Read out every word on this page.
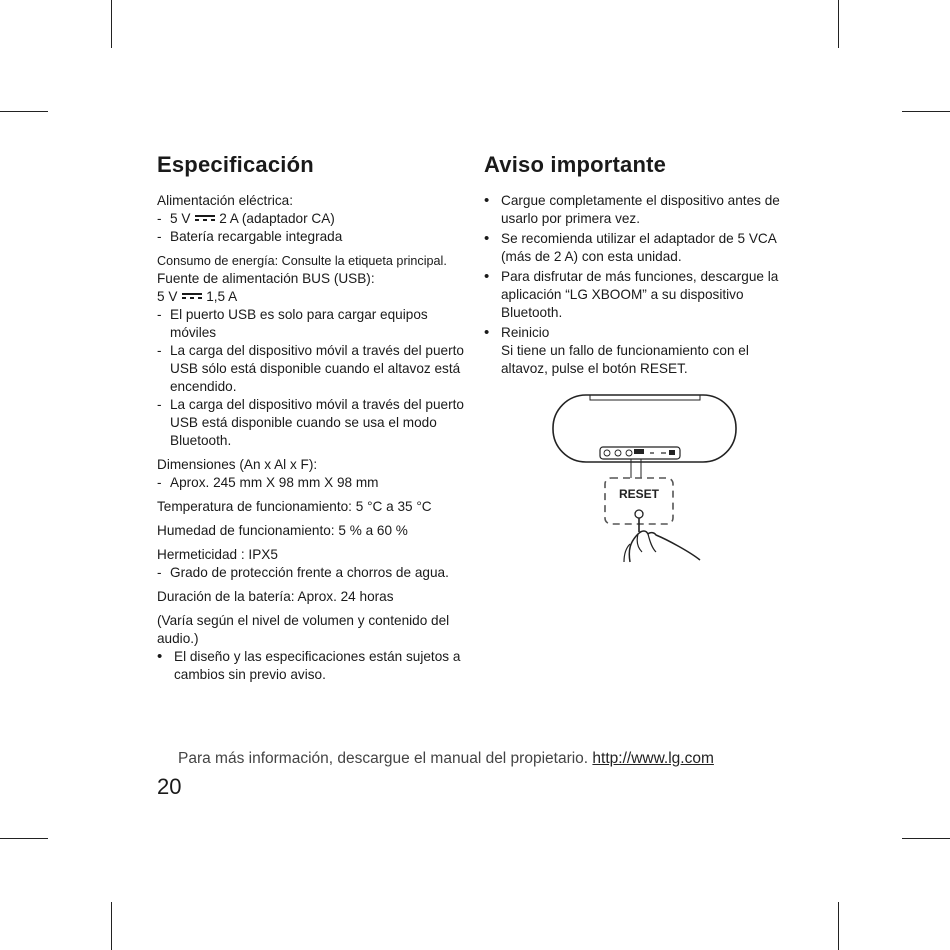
Especificación

Alimentación eléctrica:

- 5 V 2 A (adaptador CA)
- Batería recargable integrada

Consumo de energía: Consulte la etiqueta principal.

Fuente de alimentación BUS (USB):

5 V 1,5 A

- El puerto USB es solo para cargar equipos móviles
- La carga del dispositivo móvil a través del puerto USB sólo está disponible cuando el altavoz está encendido.
- La carga del dispositivo móvil a través del puerto USB está disponible cuando se usa el modo Bluetooth.

Dimensiones (An x Al x F):

- Aprox. 245 mm X 98 mm X 98 mm

Temperatura de funcionamiento: 5 °C a 35 °C

Humedad de funcionamiento: 5 % a 60 %

Hermeticidad : IPX5

- Grado de protección frente a chorros de agua.

Duración de la batería: Aprox. 24 horas

(Varía según el nivel de volumen y contenido del audio.)

• El diseño y las especificaciones están sujetos a cambios sin previo aviso.
Aviso importante
• Cargue completamente el dispositivo antes de usarlo por primera vez.
• Se recomienda utilizar el adaptador de 5 VCA (más de 2 A) con esta unidad.
• Para disfrutar de más funciones, descargue la aplicación “LG XBOOM” a su dispositivo Bluetooth.
• Reinicio
Si tiene un fallo de funcionamiento con el altavoz, pulse el botón RESET.
RESET
Para más información, descargue el manual del propietario. http://www.lg.com
20
